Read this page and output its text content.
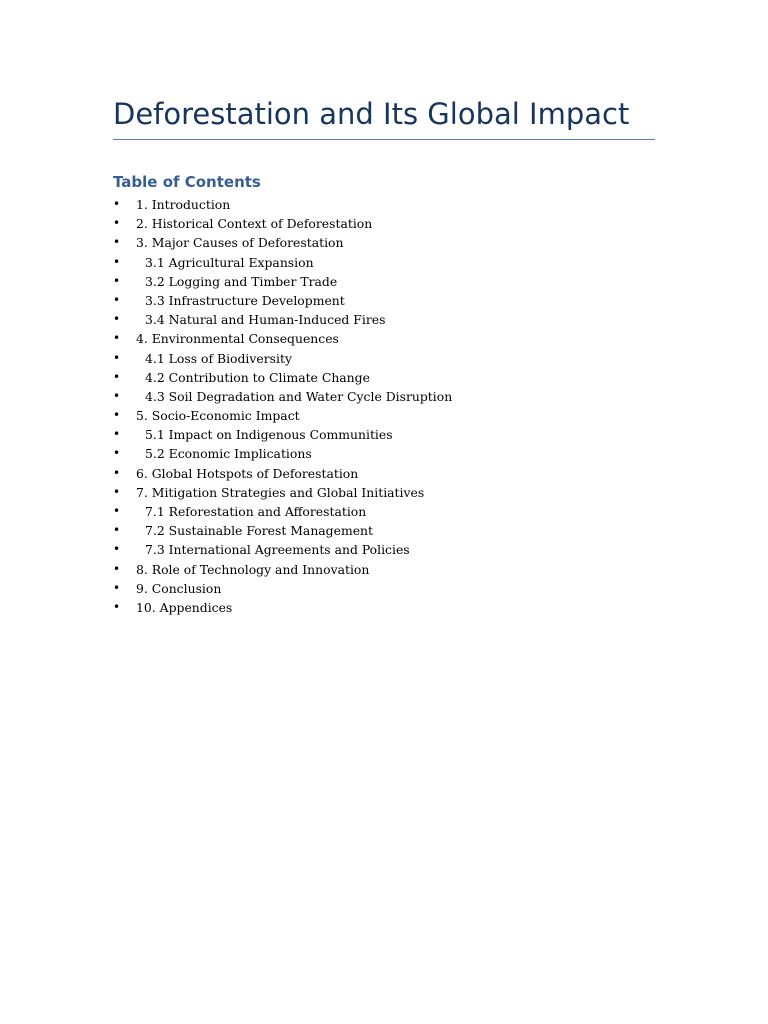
Deforestation and Its Global Impact
Table of Contents
• 1. Introduction
• 2. Historical Context of Deforestation
• 3. Major Causes of Deforestation
• 3.1 Agricultural Expansion
• 3.2 Logging and Timber Trade
• 3.3 Infrastructure Development
• 3.4 Natural and Human-Induced Fires
• 4. Environmental Consequences
• 4.1 Loss of Biodiversity
• 4.2 Contribution to Climate Change
• 4.3 Soil Degradation and Water Cycle Disruption
• 5. Socio-Economic Impact
• 5.1 Impact on Indigenous Communities
• 5.2 Economic Implications
• 6. Global Hotspots of Deforestation
• 7. Mitigation Strategies and Global Initiatives
• 7.1 Reforestation and Afforestation
• 7.2 Sustainable Forest Management
• 7.3 International Agreements and Policies
• 8. Role of Technology and Innovation
• 9. Conclusion
• 10. Appendices
